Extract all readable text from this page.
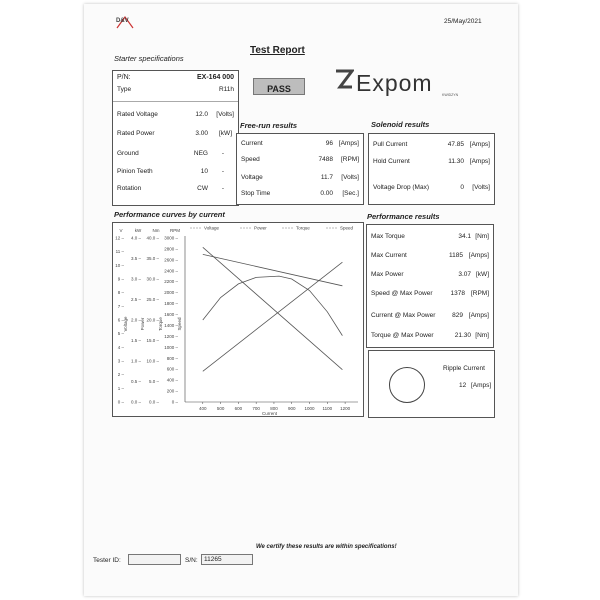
D&V	25/May/2021
Test Report
Starter specifications
PASS	Expom	KWIDZYN
P/N:	EX-164 000
Type	R11h
Rated Voltage	12.0 [Volts]
Rated Power	3.00 [kW]
Ground	NEG -
Pinion Teeth	10 -
Rotation	CW -
Free-run results
Current	96 [Amps]
Speed	7488 [RPM]
Voltage	11.7 [Volts]
Stop Time	0.00 [Sec.]
Solenoid results
Pull Current	47.85 [Amps]
Hold Current	11.30 [Amps]
Voltage Drop (Max)	0 [Volts]
Performance curves by current
400 500 600 700 800 900 1000 1100 1200
Current
0 –
1 –
2 –
3 –
4 –
5 –
6 –
7 –
8 –
9 –
10 –
11 –
12 –
V
Voltage
0.0 –
0.5 –
1.0 –
1.5 –
2.0 –
2.5 –
3.0 –
3.5 –
4.0 –
kW
Power
0.0 –
5.0 –
10.0 –
15.0 –
20.0 –
25.0 –
30.0 –
35.0 –
40.0 –
Nm
Torque
0 –
200 –
400 –
600 –
800 –
1000 –
1200 –
1400 –
1600 –
1800 –
2000 –
2200 –
2400 –
2600 –
2800 –
3000 –
RPM
Speed
Voltage	Power	Torque	Speed
Performance results
Max Torque	34.1 [Nm]
Max Current	1185 [Amps]
Max Power	3.07 [kW]
Speed @ Max Power	1378 [RPM]
Current @ Max Power	829 [Amps]
Torque @ Max Power	21.30 [Nm]
Ripple Current
12 [Amps]
We certify these results are within specifications!
Tester ID:	S/N: 11265
